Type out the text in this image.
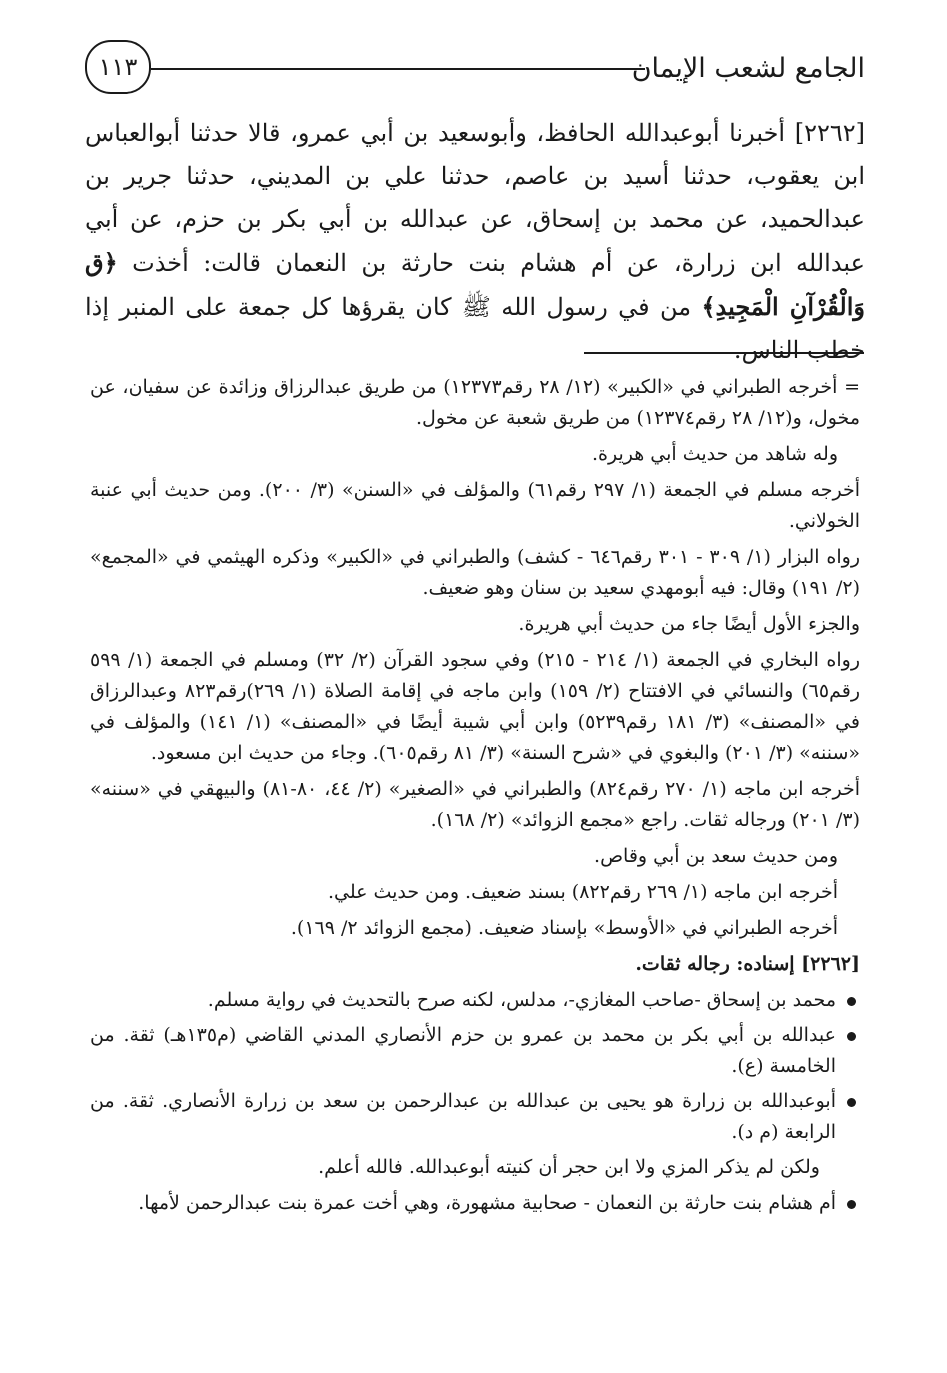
الجامع لشعب الإيمان
١١٣

[٢٢٦٢] أخبرنا أبوعبدالله الحافظ، وأبوسعيد بن أبي عمرو، قالا حدثنا أبوالعباس ابن يعقوب، حدثنا أسيد بن عاصم، حدثنا علي بن المديني، حدثنا جرير بن عبدالحميد، عن محمد بن إسحاق، عن عبدالله بن أبي بكر بن حزم، عن أبي عبدالله ابن زرارة، عن أم هشام بنت حارثة بن النعمان قالت: أخذت ﴿ق وَالْقُرْآنِ الْمَجِيدِ﴾ من في رسول الله ﷺ كان يقرؤها كل جمعة على المنبر إذا خطب الناس.

= أخرجه الطبراني في «الكبير» (١٢/ ٢٨ رقم١٢٣٧٣) من طريق عبدالرزاق وزائدة عن سفيان، عن مخول، و(١٢/ ٢٨ رقم١٢٣٧٤) من طريق شعبة عن مخول.

وله شاهد من حديث أبي هريرة.

أخرجه مسلم في الجمعة (١/ ٢٩٧ رقم٦١) والمؤلف في «السنن» (٣/ ٢٠٠). ومن حديث أبي عنبة الخولاني.

رواه البزار (١/ ٣٠٩ - ٣٠١ رقم٦٤٦ - كشف) والطبراني في «الكبير» وذكره الهيثمي في «المجمع» (٢/ ١٩١) وقال: فيه أبومهدي سعيد بن سنان وهو ضعيف.

والجزء الأول أيضًا جاء من حديث أبي هريرة.

رواه البخاري في الجمعة (١/ ٢١٤ - ٢١٥) وفي سجود القرآن (٢/ ٣٢) ومسلم في الجمعة (١/ ٥٩٩ رقم٦٥) والنسائي في الافتتاح (٢/ ١٥٩) وابن ماجه في إقامة الصلاة (١/ ٢٦٩)رقم٨٢٣ وعبدالرزاق في «المصنف» (٣/ ١٨١ رقم٥٢٣٩) وابن أبي شيبة أيضًا في «المصنف» (١/ ١٤١) والمؤلف في «سننه» (٣/ ٢٠١) والبغوي في «شرح السنة» (٣/ ٨١ رقم٦٠٥). وجاء من حديث ابن مسعود.

أخرجه ابن ماجه (١/ ٢٧٠ رقم٨٢٤) والطبراني في «الصغير» (٢/ ٤٤، ٨٠-٨١) والبيهقي في «سننه» (٣/ ٢٠١) ورجاله ثقات. راجع «مجمع الزوائد» (٢/ ١٦٨).

ومن حديث سعد بن أبي وقاص.

أخرجه ابن ماجه (١/ ٢٦٩ رقم٨٢٢) بسند ضعيف. ومن حديث علي.

أخرجه الطبراني في «الأوسط» بإسناد ضعيف. (مجمع الزوائد ٢/ ١٦٩).

[٢٢٦٢] إسناده: رجاله ثقات.

محمد بن إسحاق -صاحب المغازي-، مدلس، لكنه صرح بالتحديث في رواية مسلم.
عبدالله بن أبي بكر بن محمد بن عمرو بن حزم الأنصاري المدني القاضي (م١٣٥هـ) ثقة. من الخامسة (ع).
أبوعبدالله بن زرارة هو يحيى بن عبدالله بن عبدالرحمن بن سعد بن زرارة الأنصاري. ثقة. من الرابعة (م د).

ولكن لم يذكر المزي ولا ابن حجر أن كنيته أبوعبدالله. فالله أعلم.

أم هشام بنت حارثة بن النعمان - صحابية مشهورة، وهي أخت عمرة بنت عبدالرحمن لأمها.
